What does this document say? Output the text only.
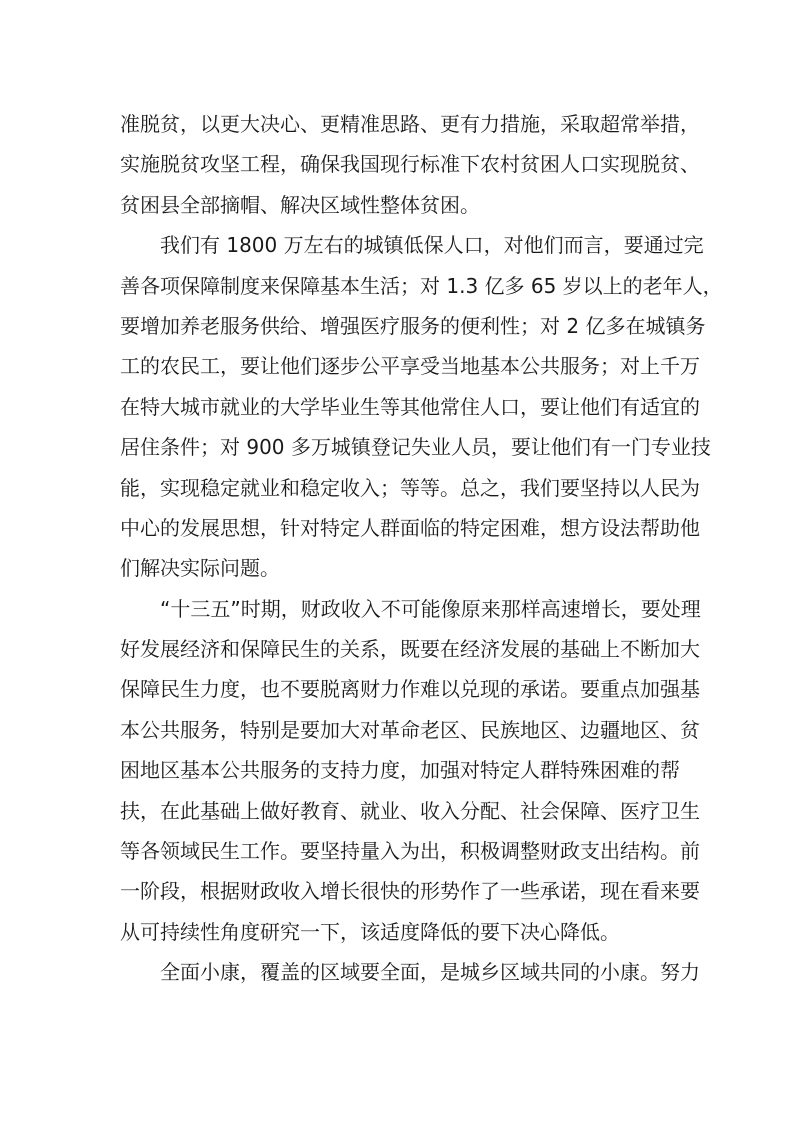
准脱贫，以更大决心、更精准思路、更有力措施，采取超常举措，
实施脱贫攻坚工程，确保我国现行标准下农村贫困人口实现脱贫、
贫困县全部摘帽、解决区域性整体贫困。
我们有 1800 万左右的城镇低保人口，对他们而言，要通过完
善各项保障制度来保障基本生活；对 1.3 亿多 65 岁以上的老年人，
要增加养老服务供给、增强医疗服务的便利性；对 2 亿多在城镇务
工的农民工，要让他们逐步公平享受当地基本公共服务；对上千万
在特大城市就业的大学毕业生等其他常住人口，要让他们有适宜的
居住条件；对 900 多万城镇登记失业人员，要让他们有一门专业技
能，实现稳定就业和稳定收入；等等。总之，我们要坚持以人民为
中心的发展思想，针对特定人群面临的特定困难，想方设法帮助他
们解决实际问题。
“十三五”时期，财政收入不可能像原来那样高速增长，要处理
好发展经济和保障民生的关系，既要在经济发展的基础上不断加大
保障民生力度，也不要脱离财力作难以兑现的承诺。要重点加强基
本公共服务，特别是要加大对革命老区、民族地区、边疆地区、贫
困地区基本公共服务的支持力度，加强对特定人群特殊困难的帮
扶，在此基础上做好教育、就业、收入分配、社会保障、医疗卫生
等各领域民生工作。要坚持量入为出，积极调整财政支出结构。前
一阶段，根据财政收入增长很快的形势作了一些承诺，现在看来要
从可持续性角度研究一下，该适度降低的要下决心降低。
全面小康，覆盖的区域要全面，是城乡区域共同的小康。努力
